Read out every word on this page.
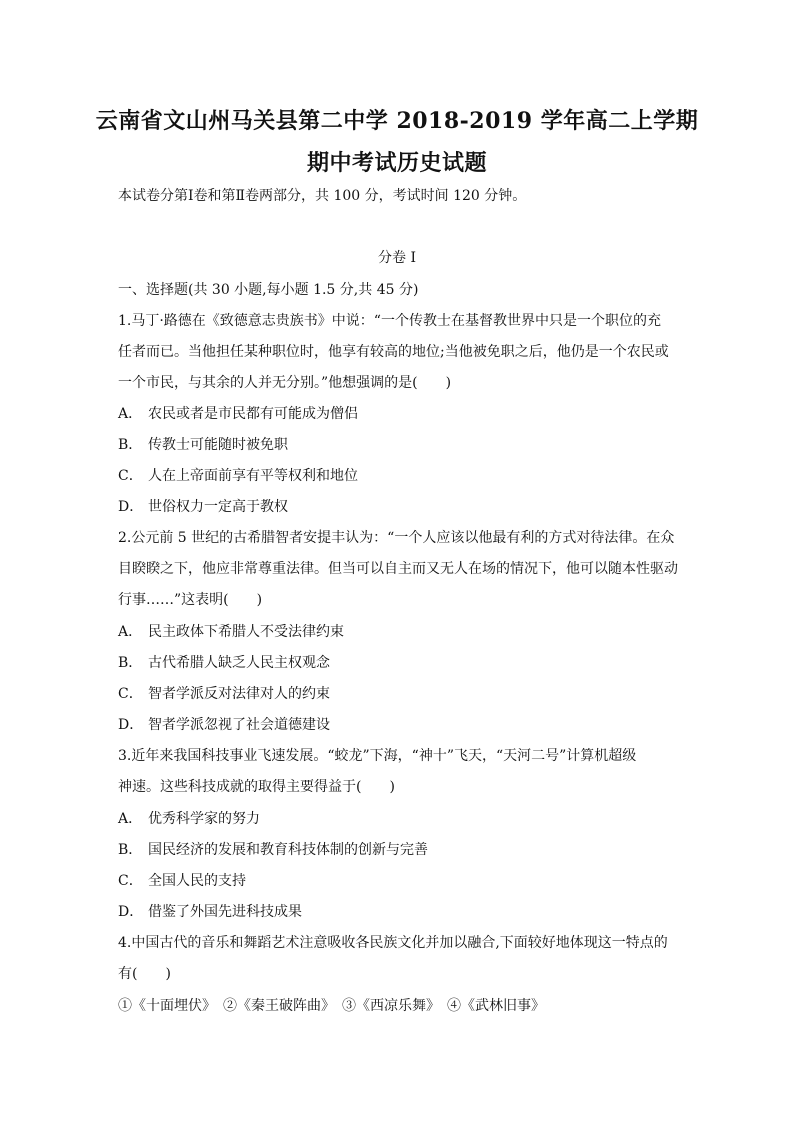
云南省文山州马关县第二中学 2018-2019 学年高二上学期
期中考试历史试题
本试卷分第Ⅰ卷和第Ⅱ卷两部分，共 100 分，考试时间 120 分钟。
分卷 I
一、选择题(共 30 小题,每小题 1.5 分,共 45 分)
1.马丁·路德在《致德意志贵族书》中说：“一个传教士在基督教世界中只是一个职位的充
任者而已。当他担任某种职位时，他享有较高的地位;当他被免职之后，他仍是一个农民或
一个市民，与其余的人并无分别。”他想强调的是(　　)
A． 农民或者是市民都有可能成为僧侣
B． 传教士可能随时被免职
C． 人在上帝面前享有平等权利和地位
D． 世俗权力一定高于教权
2.公元前 5 世纪的古希腊智者安提丰认为：“一个人应该以他最有利的方式对待法律。在众
目睽睽之下，他应非常尊重法律。但当可以自主而又无人在场的情况下，他可以随本性驱动
行事……”这表明(　　)
A． 民主政体下希腊人不受法律约束
B． 古代希腊人缺乏人民主权观念
C． 智者学派反对法律对人的约束
D． 智者学派忽视了社会道德建设
3.近年来我国科技事业飞速发展。“蛟龙”下海，“神十”飞天，“天河二号”计算机超级
神速。这些科技成就的取得主要得益于(　　)
A． 优秀科学家的努力
B． 国民经济的发展和教育科技体制的创新与完善
C． 全国人民的支持
D． 借鉴了外国先进科技成果
4.中国古代的音乐和舞蹈艺术注意吸收各民族文化并加以融合,下面较好地体现这一特点的
有(　　)
①《十面埋伏》　②《秦王破阵曲》　③《西凉乐舞》　④《武林旧事》
